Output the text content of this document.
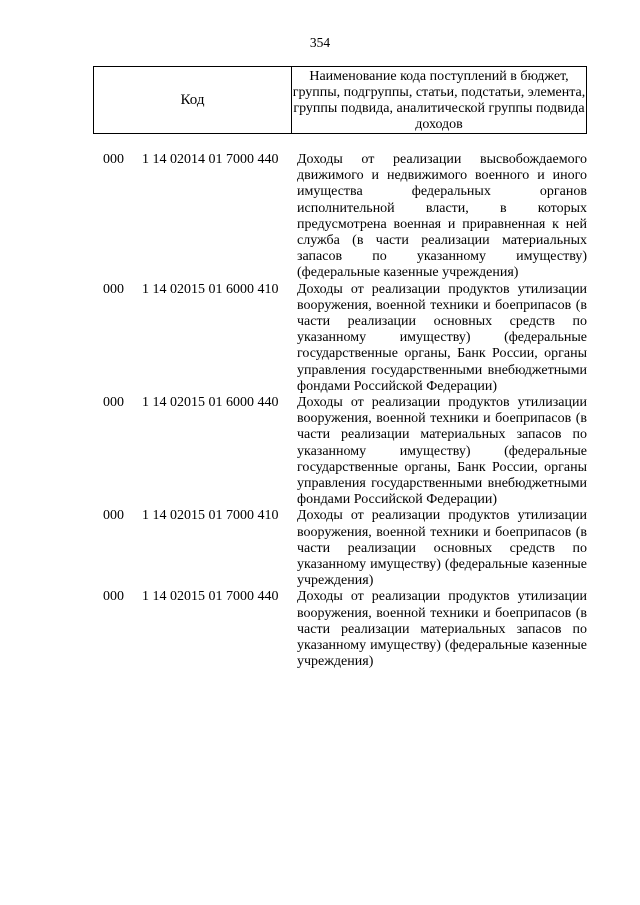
354
Код
Наименование кода поступлений в бюджет, группы, подгруппы, статьи, подстатьи, элемента, группы подвида, аналитической группы подвида доходов
000 1 14 02014 01 7000 440 Доходы от реализации высвобождаемого движимого и недвижимого военного и иного имущества федеральных органов исполнительной власти, в которых предусмотрена военная и приравненная к ней служба (в части реализации материальных запасов по указанному имуществу) (федеральные казенные учреждения)
000 1 14 02015 01 6000 410 Доходы от реализации продуктов утилизации вооружения, военной техники и боеприпасов (в части реализации основных средств по указанному имуществу) (федеральные государственные органы, Банк России, органы управления государственными внебюджетными фондами Российской Федерации)
000 1 14 02015 01 6000 440 Доходы от реализации продуктов утилизации вооружения, военной техники и боеприпасов (в части реализации материальных запасов по указанному имуществу) (федеральные государственные органы, Банк России, органы управления государственными внебюджетными фондами Российской Федерации)
000 1 14 02015 01 7000 410 Доходы от реализации продуктов утилизации вооружения, военной техники и боеприпасов (в части реализации основных средств по указанному имуществу) (федеральные казенные учреждения)
000 1 14 02015 01 7000 440 Доходы от реализации продуктов утилизации вооружения, военной техники и боеприпасов (в части реализации материальных запасов по указанному имуществу) (федеральные казенные учреждения)
